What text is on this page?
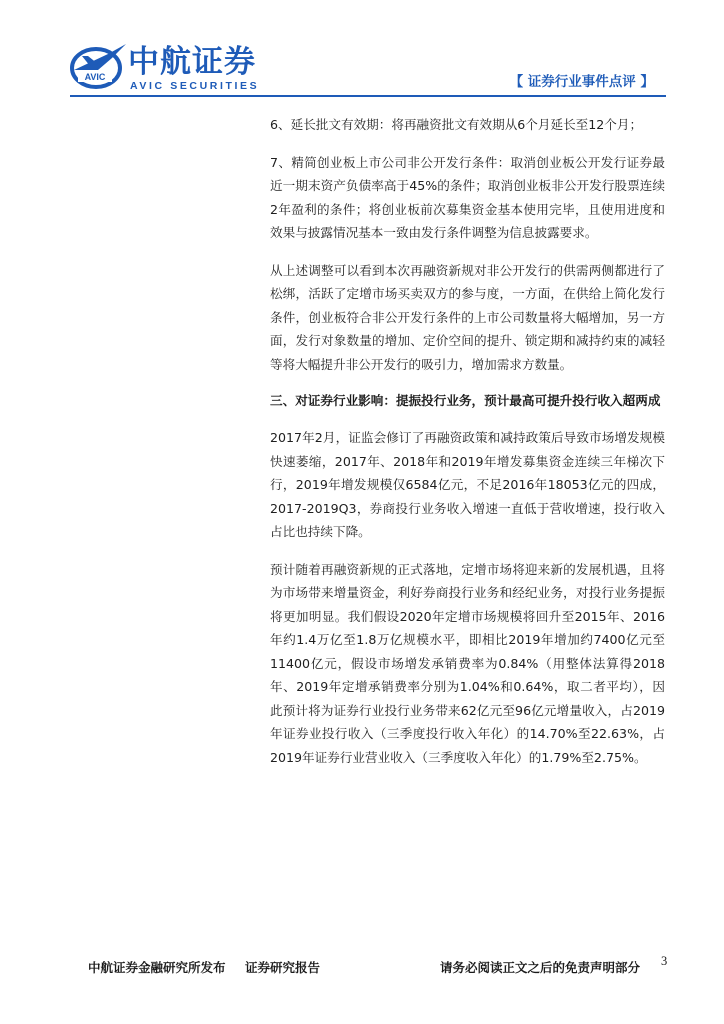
AVIC 中航证券
AVIC SECURITIES	【 证券行业事件点评 】

6、延长批文有效期：将再融资批文有效期从6个月延长至12个月；

7、精简创业板上市公司非公开发行条件：取消创业板公开发行证券最近一期末资产负债率高于45%的条件；取消创业板非公开发行股票连续2年盈利的条件；将创业板前次募集资金基本使用完毕，且使用进度和效果与披露情况基本一致由发行条件调整为信息披露要求。

从上述调整可以看到本次再融资新规对非公开发行的供需两侧都进行了松绑，活跃了定增市场买卖双方的参与度，一方面，在供给上简化发行条件，创业板符合非公开发行条件的上市公司数量将大幅增加，另一方面，发行对象数量的增加、定价空间的提升、锁定期和减持约束的减轻等将大幅提升非公开发行的吸引力，增加需求方数量。

三、对证券行业影响：提振投行业务，预计最高可提升投行收入超两成

2017年2月，证监会修订了再融资政策和减持政策后导致市场增发规模快速萎缩，2017年、2018年和2019年增发募集资金连续三年梯次下行，2019年增发规模仅6584亿元，不足2016年18053亿元的四成，2017-2019Q3，券商投行业务收入增速一直低于营收增速，投行收入占比也持续下降。

预计随着再融资新规的正式落地，定增市场将迎来新的发展机遇，且将为市场带来增量资金，利好券商投行业务和经纪业务，对投行业务提振将更加明显。我们假设2020年定增市场规模将回升至2015年、2016年约1.4万亿至1.8万亿规模水平，即相比2019年增加约7400亿元至11400亿元，假设市场增发承销费率为0.84%（用整体法算得2018年、2019年定增承销费率分别为1.04%和0.64%，取二者平均），因此预计将为证券行业投行业务带来62亿元至96亿元增量收入，占2019年证券业投行收入（三季度投行收入年化）的14.70%至22.63%，占2019年证券行业营业收入（三季度收入年化）的1.79%至2.75%。

中航证券金融研究所发布 证券研究报告	请务必阅读正文之后的免责声明部分 3
